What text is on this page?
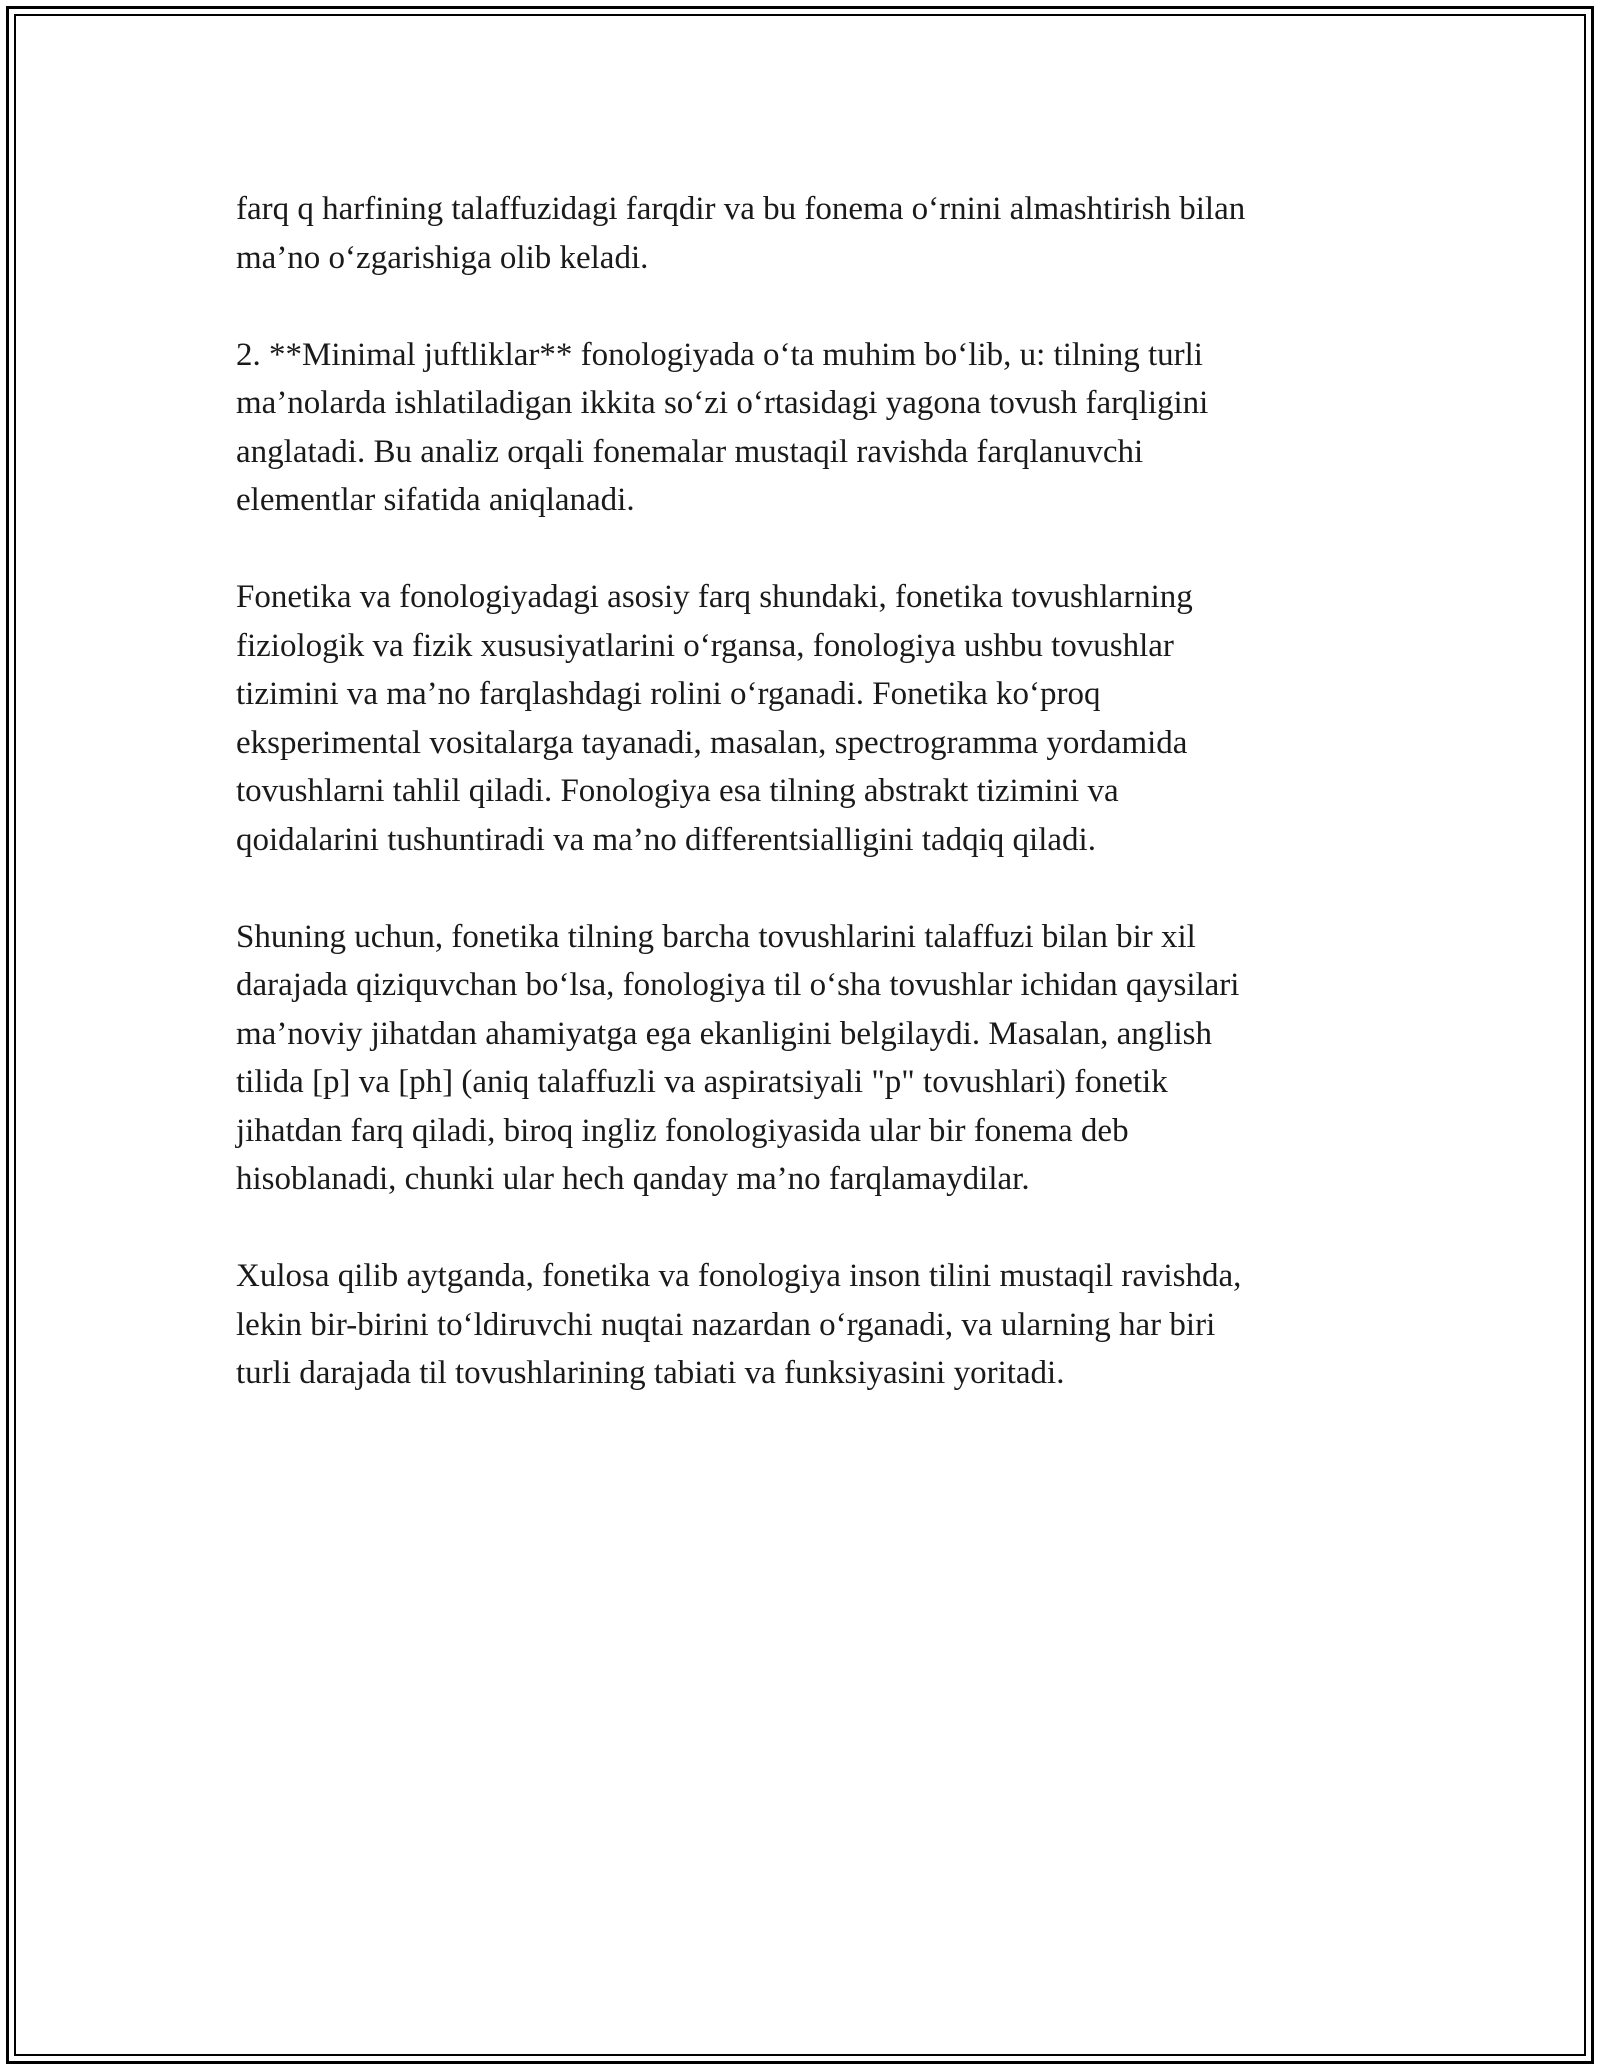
farq q harfining talaffuzidagi farqdir va bu fonema o‘rnini almashtirish bilan
ma’no o‘zgarishiga olib keladi.

2. **Minimal juftliklar** fonologiyada o‘ta muhim bo‘lib, u: tilning turli
ma’nolarda ishlatiladigan ikkita so‘zi o‘rtasidagi yagona tovush farqligini
anglatadi. Bu analiz orqali fonemalar mustaqil ravishda farqlanuvchi
elementlar sifatida aniqlanadi.

Fonetika va fonologiyadagi asosiy farq shundaki, fonetika tovushlarning
fiziologik va fizik xususiyatlarini o‘rgansa, fonologiya ushbu tovushlar
tizimini va ma’no farqlashdagi rolini o‘rganadi. Fonetika ko‘proq
eksperimental vositalarga tayanadi, masalan, spectrogramma yordamida
tovushlarni tahlil qiladi. Fonologiya esa tilning abstrakt tizimini va
qoidalarini tushuntiradi va ma’no differentsialligini tadqiq qiladi.

Shuning uchun, fonetika tilning barcha tovushlarini talaffuzi bilan bir xil
darajada qiziquvchan bo‘lsa, fonologiya til o‘sha tovushlar ichidan qaysilari
ma’noviy jihatdan ahamiyatga ega ekanligini belgilaydi. Masalan, anglish
tilida [p] va [ph] (aniq talaffuzli va aspiratsiyali "p" tovushlari) fonetik
jihatdan farq qiladi, biroq ingliz fonologiyasida ular bir fonema deb
hisoblanadi, chunki ular hech qanday ma’no farqlamaydilar.

Xulosa qilib aytganda, fonetika va fonologiya inson tilini mustaqil ravishda,
lekin bir-birini to‘ldiruvchi nuqtai nazardan o‘rganadi, va ularning har biri
turli darajada til tovushlarining tabiati va funksiyasini yoritadi.
